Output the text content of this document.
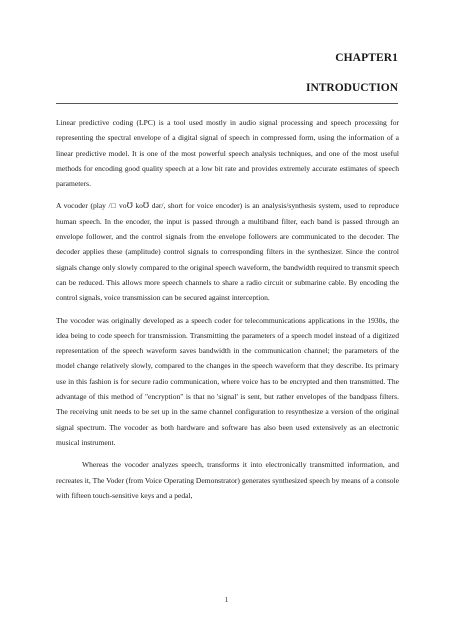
CHAPTER1
INTRODUCTION

Linear predictive coding (LPC) is a tool used mostly in audio signal processing and speech processing for representing the spectral envelope of a digital signal of speech in compressed form, using the information of a linear predictive model. It is one of the most powerful speech analysis techniques, and one of the most useful methods for encoding good quality speech at a low bit rate and provides extremely accurate estimates of speech parameters.

A vocoder (play /□ vo℧ ko℧ dər/, short for voice encoder) is an analysis/synthesis system, used to reproduce human speech. In the encoder, the input is passed through a multiband filter, each band is passed through an envelope follower, and the control signals from the envelope followers are communicated to the decoder. The decoder applies these (amplitude) control signals to corresponding filters in the synthesizer. Since the control signals change only slowly compared to the original speech waveform, the bandwidth required to transmit speech can be reduced. This allows more speech channels to share a radio circuit or submarine cable. By encoding the control signals, voice transmission can be secured against interception.

The vocoder was originally developed as a speech coder for telecommunications applications in the 1930s, the idea being to code speech for transmission. Transmitting the parameters of a speech model instead of a digitized representation of the speech waveform saves bandwidth in the communication channel; the parameters of the model change relatively slowly, compared to the changes in the speech waveform that they describe. Its primary use in this fashion is for secure radio communication, where voice has to be encrypted and then transmitted. The advantage of this method of "encryption" is that no 'signal' is sent, but rather envelopes of the bandpass filters. The receiving unit needs to be set up in the same channel configuration to resynthesize a version of the original signal spectrum. The vocoder as both hardware and software has also been used extensively as an electronic musical instrument.

Whereas the vocoder analyzes speech, transforms it into electronically transmitted information, and recreates it, The Voder (from Voice Operating Demonstrator) generates synthesized speech by means of a console with fifteen touch-sensitive keys and a pedal,

1
